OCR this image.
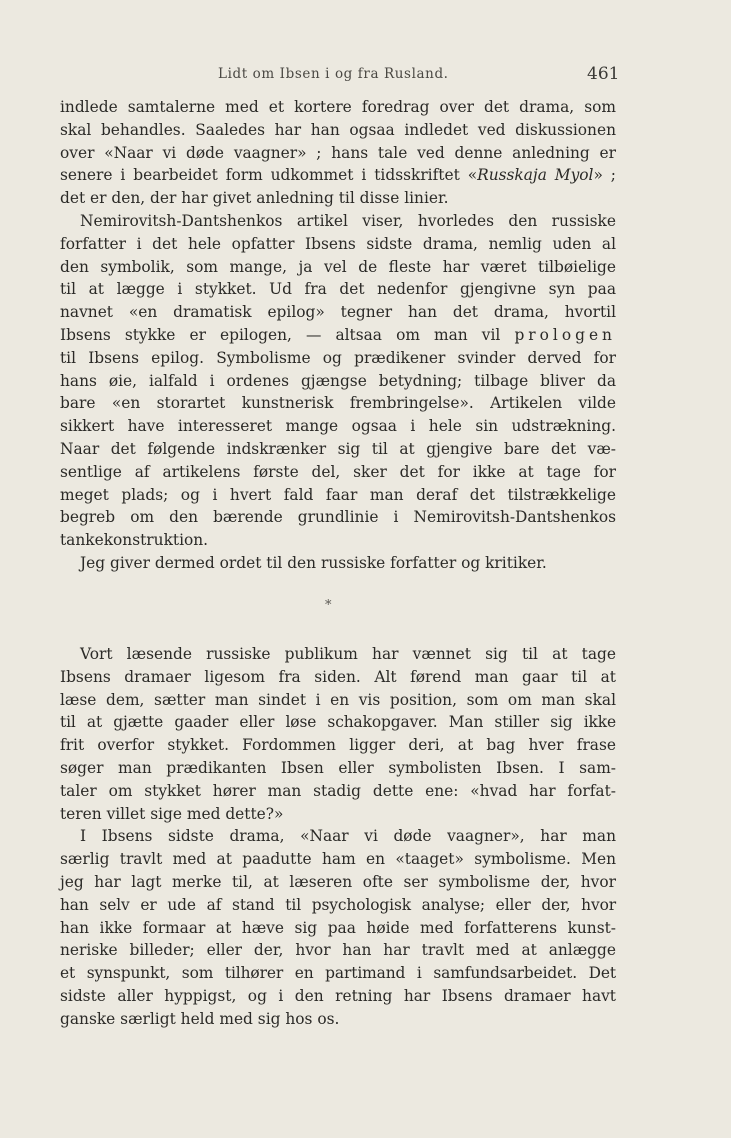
Lidt om Ibsen i og fra Rusland.	461
indlede samtalerne med et kortere foredrag over det drama, som
skal behandles. Saaledes har han ogsaa indledet ved diskussionen
over «Naar vi døde vaagner» ; hans tale ved denne anledning er
senere i bearbeidet form udkommet i tidsskriftet «Russkaja Myol» ;
det er den, der har givet anledning til disse linier.
Nemirovitsh-Dantshenkos artikel viser, hvorledes den russiske
forfatter i det hele opfatter Ibsens sidste drama, nemlig uden al
den symbolik, som mange, ja vel de fleste har været tilbøielige
til at lægge i stykket. Ud fra det nedenfor gjengivne syn paa
navnet «en dramatisk epilog» tegner han det drama, hvortil
Ibsens stykke er epilogen, — altsaa om man vil prologen
til Ibsens epilog. Symbolisme og prædikener svinder derved for
hans øie, ialfald i ordenes gjængse betydning; tilbage bliver da
bare «en storartet kunstnerisk frembringelse». Artikelen vilde
sikkert have interesseret mange ogsaa i hele sin udstrækning.
Naar det følgende indskrænker sig til at gjengive bare det væ-
sentlige af artikelens første del, sker det for ikke at tage for
meget plads; og i hvert fald faar man deraf det tilstrækkelige
begreb om den bærende grundlinie i Nemirovitsh-Dantshenkos
tankekonstruktion.
Jeg giver dermed ordet til den russiske forfatter og kritiker.
*
Vort læsende russiske publikum har vænnet sig til at tage
Ibsens dramaer ligesom fra siden. Alt førend man gaar til at
læse dem, sætter man sindet i en vis position, som om man skal
til at gjætte gaader eller løse schakopgaver. Man stiller sig ikke
frit overfor stykket. Fordommen ligger deri, at bag hver frase
søger man prædikanten Ibsen eller symbolisten Ibsen. I sam-
taler om stykket hører man stadig dette ene: «hvad har forfat-
teren villet sige med dette?»
I Ibsens sidste drama, «Naar vi døde vaagner», har man
særlig travlt med at paadutte ham en «taaget» symbolisme. Men
jeg har lagt merke til, at læseren ofte ser symbolisme der, hvor
han selv er ude af stand til psychologisk analyse; eller der, hvor
han ikke formaar at hæve sig paa høide med forfatterens kunst-
neriske billeder; eller der, hvor han har travlt med at anlægge
et synspunkt, som tilhører en partimand i samfundsarbeidet. Det
sidste aller hyppigst, og i den retning har Ibsens dramaer havt
ganske særligt held med sig hos os.
